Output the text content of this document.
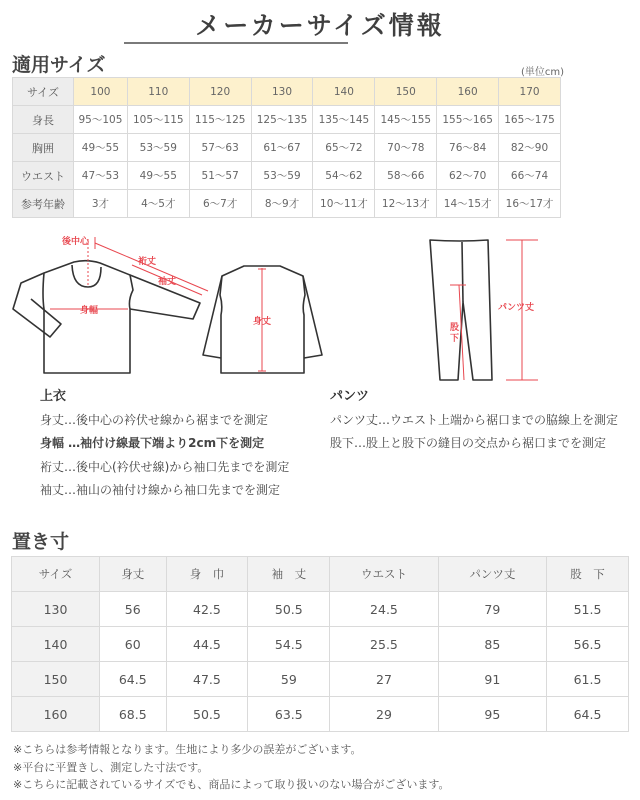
メーカーサイズ情報
適用サイズ	(単位cm)
サイズ	100	110	120	130	140	150	160	170
身長	95〜105	105〜115	115〜125	125〜135	135〜145	145〜155	155〜165	165〜175
胸囲	49〜55	53〜59	57〜63	61〜67	65〜72	70〜78	76〜84	82〜90
ウエスト	47〜53	49〜55	51〜57	53〜59	54〜62	58〜66	62〜70	66〜74
参考年齢	3才	4〜5才	6〜7才	8〜9才	10〜11才	12〜13才	14〜15才	16〜17才
後中心
裄丈
袖丈
身幅
身丈
パンツ丈
股
下
上衣
身丈…後中心の衿伏せ線から裾までを測定
身幅 …袖付け線最下端より2cm下を測定
裄丈…後中心(衿伏せ線)から袖口先までを測定
袖丈…袖山の袖付け線から袖口先までを測定
パンツ
パンツ丈…ウエスト上端から裾口までの脇線上を測定
股下…股上と股下の縫目の交点から裾口までを測定
置き寸
サイズ	身丈	身　巾	袖　丈	ウエスト	パンツ丈	股　下
130	56	42.5	50.5	24.5	79	51.5
140	60	44.5	54.5	25.5	85	56.5
150	64.5	47.5	59	27	91	61.5
160	68.5	50.5	63.5	29	95	64.5
※こちらは参考情報となります。生地により多少の誤差がございます。
※平台に平置きし、測定した寸法です。
※こちらに記載されているサイズでも、商品によって取り扱いのない場合がございます。
